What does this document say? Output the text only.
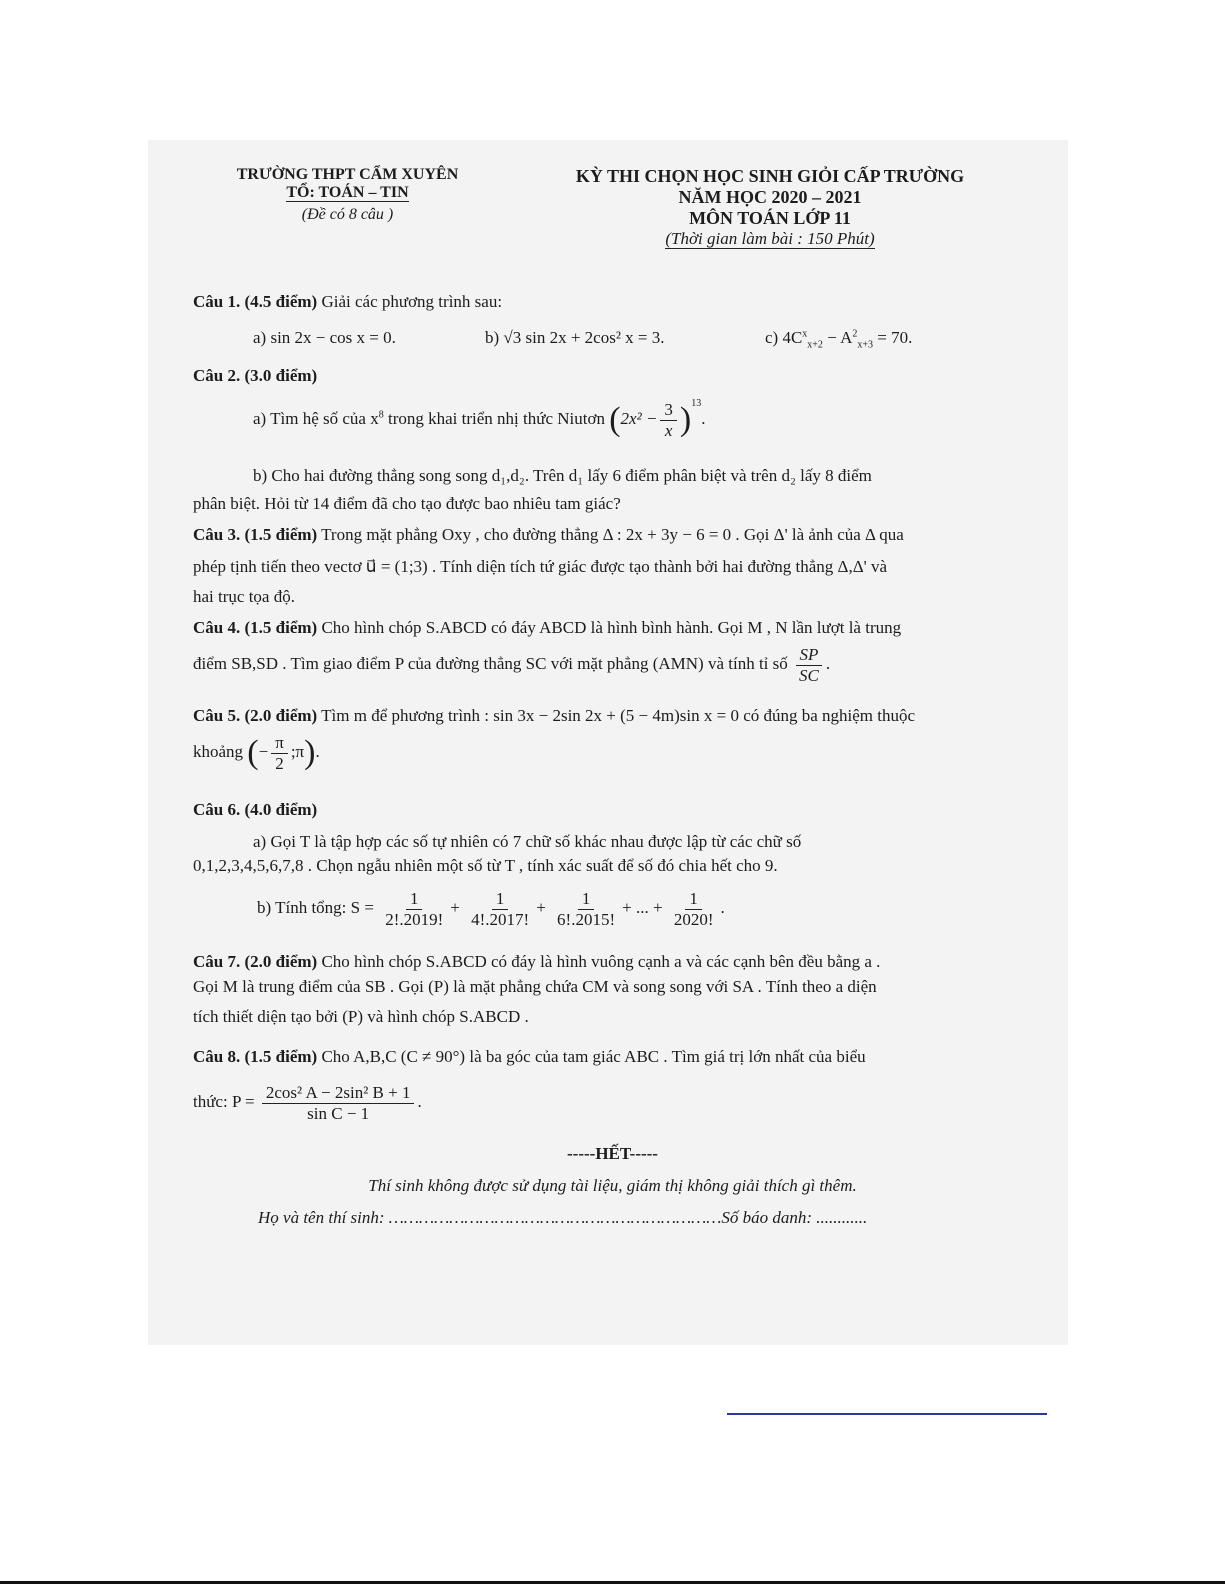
TRƯỜNG THPT CẨM XUYÊN
TỔ: TOÁN – TIN
(Đề có 8 câu )
KỲ THI CHỌN HỌC SINH GIỎI CẤP TRƯỜNG
NĂM HỌC 2020 – 2021
MÔN TOÁN LỚP 11
(Thời gian làm bài : 150 Phút)
Câu 1. (4.5 điểm) Giải các phương trình sau:
a) sin 2x − cos x = 0.	b) √3 sin 2x + 2cos² x = 3.	c) $4C^x_{x+2} - A^2_{x+3} = 70$.
Câu 2. (3.0 điểm)
a) Tìm hệ số của $x^8$ trong khai triển nhị thức Niutơn $(2x^2 - \frac{3}{x} )^{13}$.
b) Cho hai đường thẳng song song d₁,d₂. Trên d₁ lấy 6 điểm phân biệt và trên d₂ lấy 8 điểm
phân biệt. Hỏi từ 14 điểm đã cho tạo được bao nhiêu tam giác?
Câu 3. (1.5 điểm) Trong mặt phẳng Oxy , cho đường thẳng Δ : 2x + 3y − 6 = 0 . Gọi Δ' là ảnh của Δ qua
phép tịnh tiến theo vectơ u⃗ = (1;3) . Tính diện tích tứ giác được tạo thành bởi hai đường thẳng Δ,Δ' và
hai trục tọa độ.
Câu 4. (1.5 điểm) Cho hình chóp S.ABCD có đáy ABCD là hình bình hành. Gọi M , N lần lượt là trung
điểm SB,SD . Tìm giao điểm P của đường thẳng SC với mặt phẳng (AMN) và tính tỉ số $\frac{SP}{SC}$ .
Câu 5. (2.0 điểm) Tìm m để phương trình : sin 3x − 2sin 2x + (5 − 4m)sin x = 0 có đúng ba nghiệm thuộc
khoảng (− $\frac{\pi}{2}$ ;π).
Câu 6. (4.0 điểm)
a) Gọi T là tập hợp các số tự nhiên có 7 chữ số khác nhau được lập từ các chữ số
0,1,2,3,4,5,6,7,8 . Chọn ngẫu nhiên một số từ T , tính xác suất để số đó chia hết cho 9.
b) Tính tổng: $S = \frac{1}{2!.2019!} + \frac{1}{4!.2017!} + \frac{1}{6!.2015!}$ + ... + $\frac{1}{2020!}$ .
Câu 7. (2.0 điểm) Cho hình chóp S.ABCD có đáy là hình vuông cạnh a và các cạnh bên đều bằng a .
Gọi M là trung điểm của SB . Gọi (P) là mặt phẳng chứa CM và song song với SA . Tính theo a diện
tích thiết diện tạo bởi (P) và hình chóp S.ABCD .
Câu 8. (1.5 điểm) Cho A,B,C (C ≠ 90°) là ba góc của tam giác ABC . Tìm giá trị lớn nhất của biểu
thức: $P = \frac{\text{2cos² A − 2sin² B + 1}}{\text{sin C − 1}}$ .
-----HẾT-----
Thí sinh không được sử dụng tài liệu, giám thị không giải thích gì thêm.
Họ và tên thí sinh: …………………………………………………………Số báo danh: ............
